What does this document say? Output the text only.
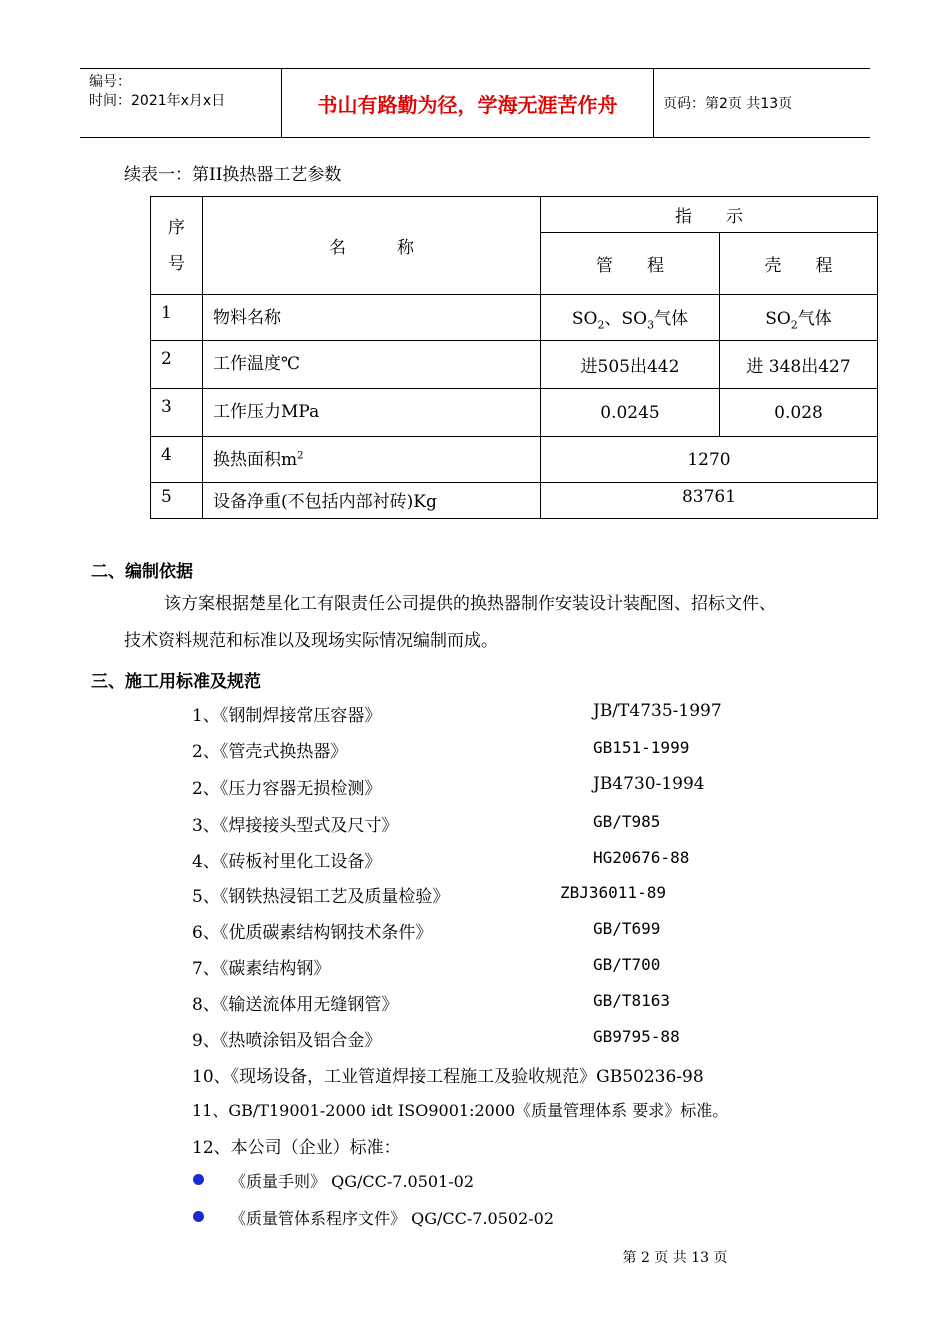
编号：
时间：2021年x月x日	书山有路勤为径，学海无涯苦作舟	页码：第2页 共13页
续表一：第II换热器工艺参数
序
号	名　　　称	指　　示	
		管　　程	壳　　程
1	物料名称	$SO_2$、$SO_3$气体	$SO_2$气体
2	工作温度℃	进505出442	进 348出427
3	工作压力MPa	0.0245	0.028
4	换热面积$m^2$	1270	
5	设备净重(不包括内部衬砖)Kg	83761	
二、编制依据
该方案根据楚星化工有限责任公司提供的换热器制作安装设计装配图、招标文件、
技术资料规范和标准以及现场实际情况编制而成。
三、施工用标准及规范
1、《钢制焊接常压容器》	JB/T4735-1997
2、《管壳式换热器》	GB151-1999
2、《压力容器无损检测》	JB4730-1994
3、《焊接接头型式及尺寸》	GB/T985
4、《砖板衬里化工设备》	HG20676-88
5、《钢铁热浸铝工艺及质量检验》	ZBJ36011-89
6、《优质碳素结构钢技术条件》	GB/T699
7、《碳素结构钢》	GB/T700
8、《输送流体用无缝钢管》	GB/T8163
9、《热喷涂铝及铝合金》	GB9795-88
10、《现场设备，工业管道焊接工程施工及验收规范》GB50236-98
11、GB/T19001-2000 idt ISO9001:2000《质量管理体系 要求》标准。
12、本公司（企业）标准：
《质量手则》 QG/CC-7.0501-02
《质量管体系程序文件》 QG/CC-7.0502-02
第 2 页 共 13 页
